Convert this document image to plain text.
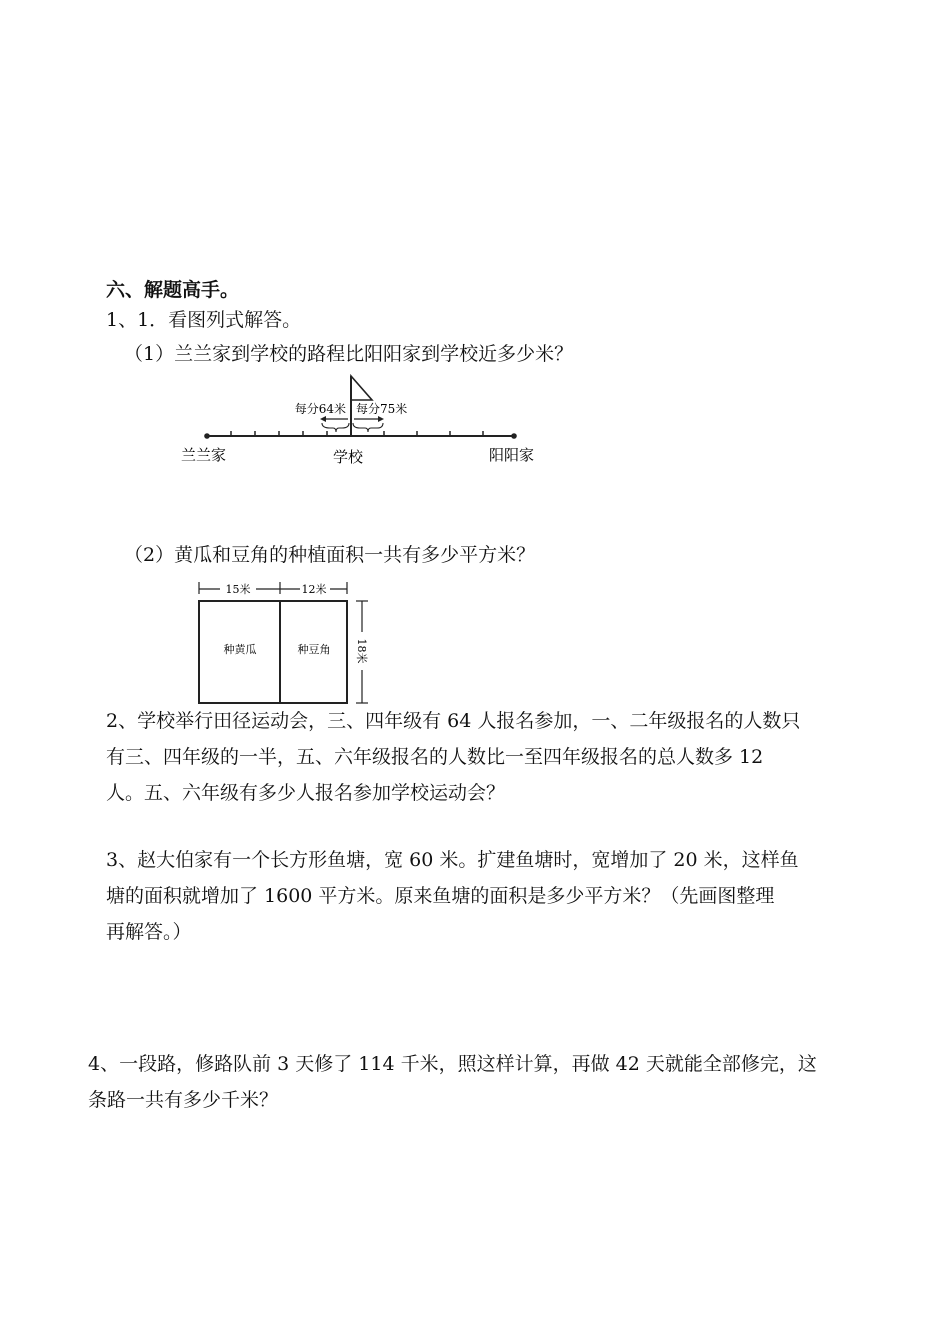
六、解题高手。
1、1．看图列式解答。
（1）兰兰家到学校的路程比阳阳家到学校近多少米？
每分64米 每分75米
兰兰家	学校	阳阳家
（2）黄瓜和豆角的种植面积一共有多少平方米？
15米	12米
种黄瓜	种豆角 18米
2、学校举行田径运动会，三、四年级有 64 人报名参加，一、二年级报名的人数只
有三、四年级的一半，五、六年级报名的人数比一至四年级报名的总人数多 12
人。五、六年级有多少人报名参加学校运动会？
3、赵大伯家有一个长方形鱼塘，宽 60 米。扩建鱼塘时，宽增加了 20 米，这样鱼
塘的面积就增加了 1600 平方米。原来鱼塘的面积是多少平方米？（先画图整理
再解答。）
4、一段路，修路队前 3 天修了 114 千米，照这样计算，再做 42 天就能全部修完，这
条路一共有多少千米？
